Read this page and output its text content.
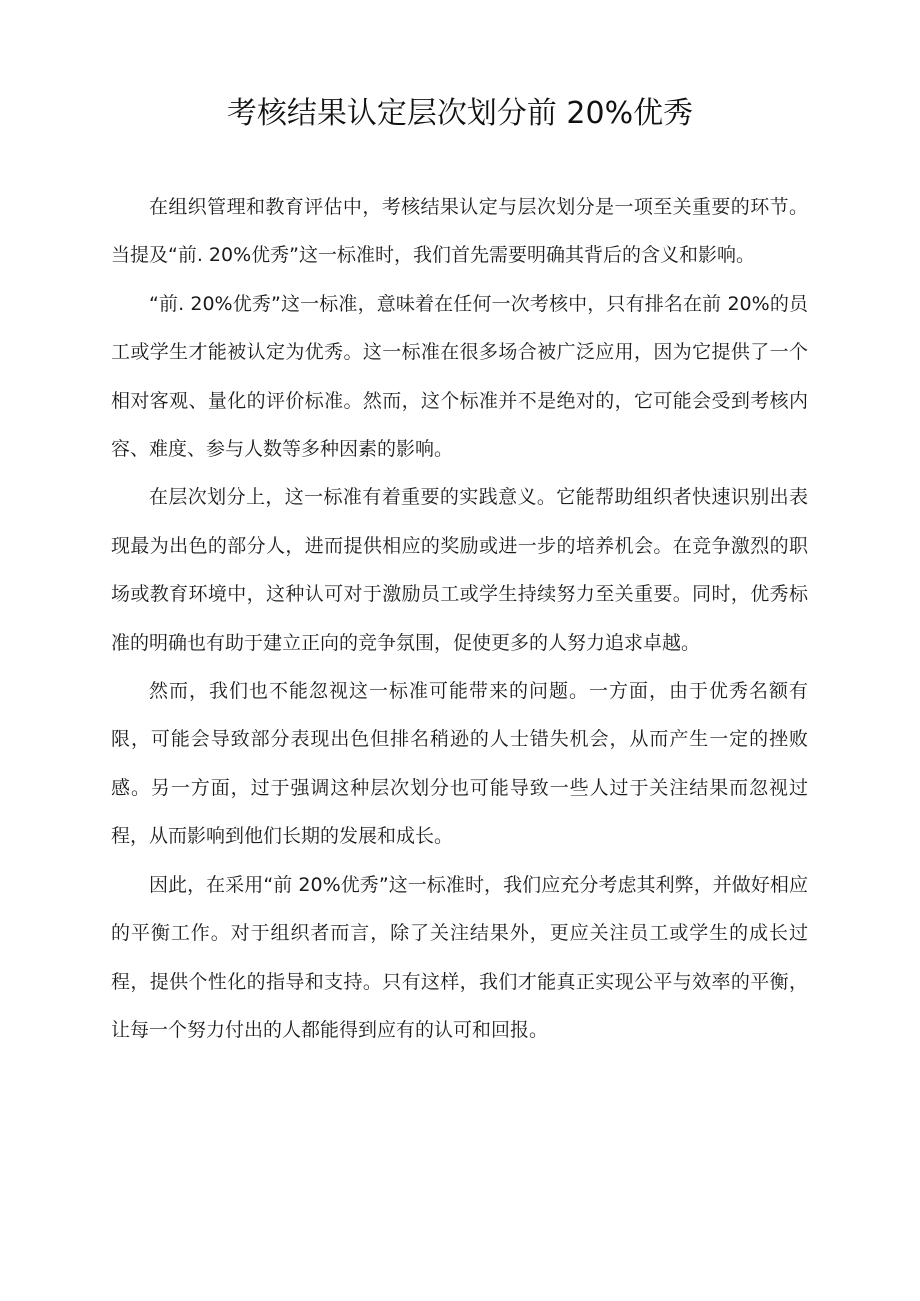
考核结果认定层次划分前 20%优秀

在组织管理和教育评估中，考核结果认定与层次划分是一项至关重要的环节。当提及“前. 20%优秀”这一标准时，我们首先需要明确其背后的含义和影响。

“前. 20%优秀”这一标准，意味着在任何一次考核中，只有排名在前 20%的员工或学生才能被认定为优秀。这一标准在很多场合被广泛应用，因为它提供了一个相对客观、量化的评价标准。然而，这个标准并不是绝对的，它可能会受到考核内容、难度、参与人数等多种因素的影响。

在层次划分上，这一标准有着重要的实践意义。它能帮助组织者快速识别出表现最为出色的部分人，进而提供相应的奖励或进一步的培养机会。在竞争激烈的职场或教育环境中，这种认可对于激励员工或学生持续努力至关重要。同时，优秀标准的明确也有助于建立正向的竞争氛围，促使更多的人努力追求卓越。

然而，我们也不能忽视这一标准可能带来的问题。一方面，由于优秀名额有限，可能会导致部分表现出色但排名稍逊的人士错失机会，从而产生一定的挫败感。另一方面，过于强调这种层次划分也可能导致一些人过于关注结果而忽视过程，从而影响到他们长期的发展和成长。

因此，在采用“前 20%优秀”这一标准时，我们应充分考虑其利弊，并做好相应的平衡工作。对于组织者而言，除了关注结果外，更应关注员工或学生的成长过程，提供个性化的指导和支持。只有这样，我们才能真正实现公平与效率的平衡，让每一个努力付出的人都能得到应有的认可和回报。
